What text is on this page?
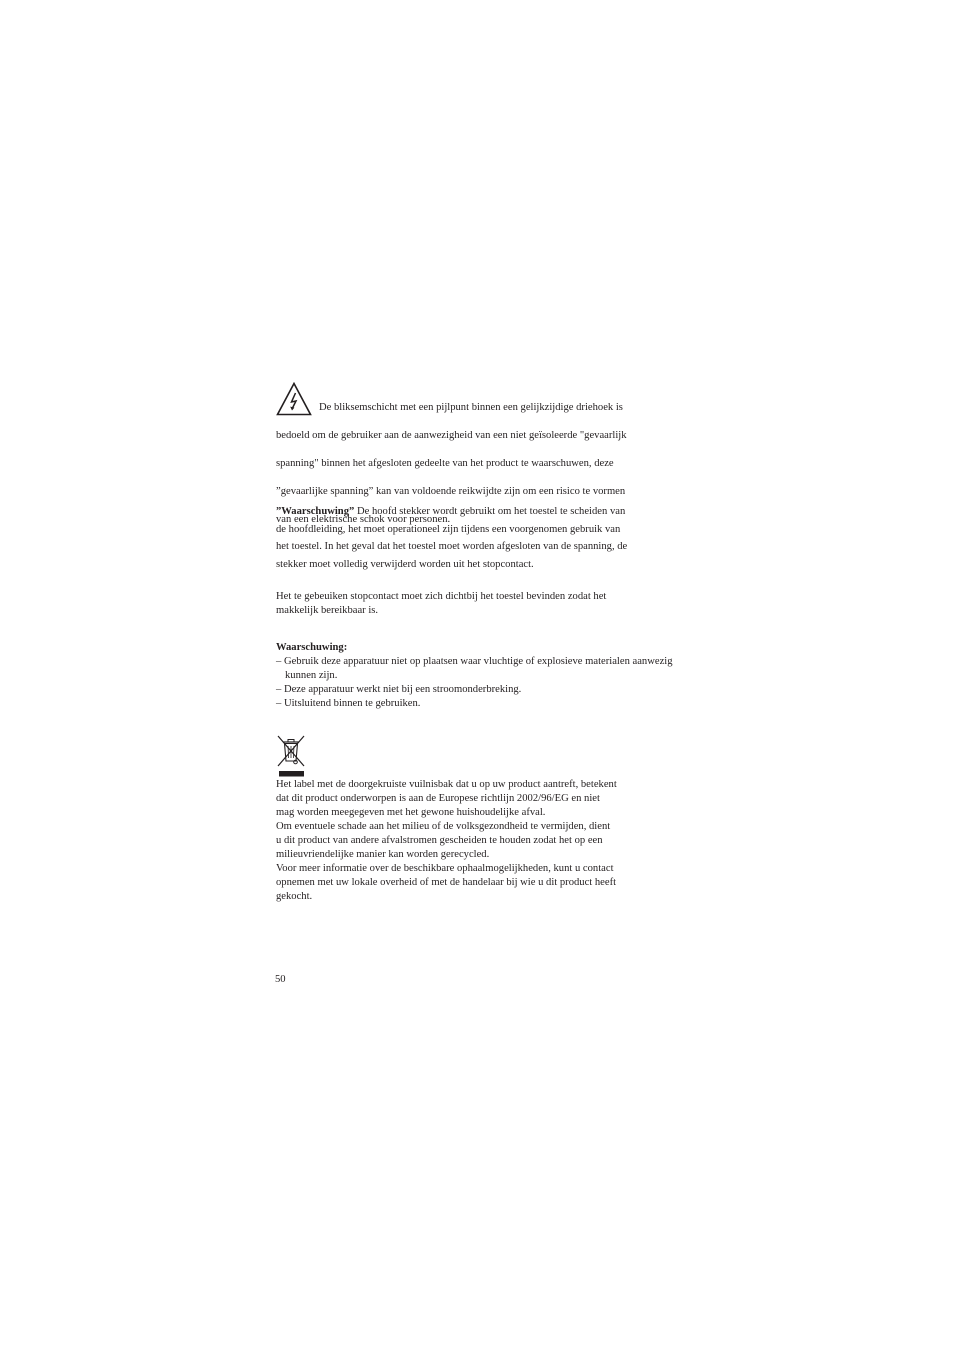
De bliksemschicht met een pijlpunt binnen een gelijkzijdige driehoek is

bedoeld om de gebruiker aan de aanwezigheid van een niet geïsoleerde "gevaarlijk

spanning" binnen het afgesloten gedeelte van het product te waarschuwen, deze

”gevaarlijke spanning” kan van voldoende reikwijdte zijn om een risico te vormen

van een elektrische schok voor personen.

”Waarschuwing” De hoofd stekker wordt gebruikt om het toestel te scheiden van

de hoofdleiding, het moet operationeel zijn tijdens een voorgenomen gebruik van

het toestel. In het geval dat het toestel moet worden afgesloten van de spanning, de

stekker moet volledig verwijderd worden uit het stopcontact.

Het te gebeuiken stopcontact moet zich dichtbij het toestel bevinden zodat het

makkelijk bereikbaar is.

Waarschuwing:

– Gebruik deze apparatuur niet op plaatsen waar vluchtige of explosieve materialen aanwezig kunnen zijn.

– Deze apparatuur werkt niet bij een stroomonderbreking.

– Uitsluitend binnen te gebruiken.

Het label met de doorgekruiste vuilnisbak dat u op uw product aantreft, betekent

dat dit product onderworpen is aan de Europese richtlijn 2002/96/EG en niet

mag worden meegegeven met het gewone huishoudelijke afval.

Om eventuele schade aan het milieu of de volksgezondheid te vermijden, dient

u dit product van andere afvalstromen gescheiden te houden zodat het op een

milieuvriendelijke manier kan worden gerecycled.

Voor meer informatie over de beschikbare ophaalmogelijkheden, kunt u contact

opnemen met uw lokale overheid of met de handelaar bij wie u dit product heeft

gekocht.

50
